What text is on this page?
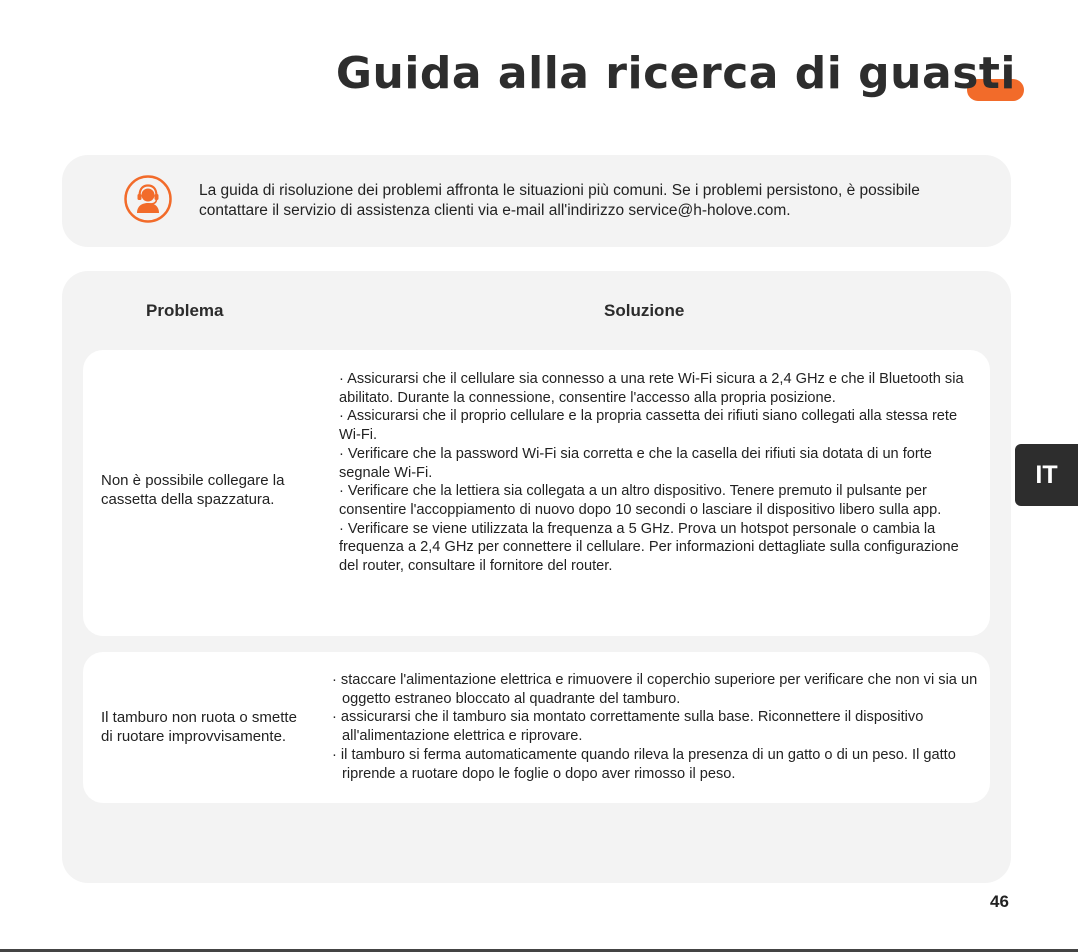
Guida alla ricerca di guasti
La guida di risoluzione dei problemi affronta le situazioni più comuni. Se i problemi persistono, è possibile contattare il servizio di assistenza clienti via e-mail all'indirizzo service@h-holove.com.
Problema	Soluzione
Non è possibile collegare la cassetta della spazzatura.
· Assicurarsi che il cellulare sia connesso a una rete Wi-Fi sicura a 2,4 GHz e che il Bluetooth sia abilitato. Durante la connessione, consentire l'accesso alla propria posizione.
· Assicurarsi che il proprio cellulare e la propria cassetta dei rifiuti siano collegati alla stessa rete Wi-Fi.
· Verificare che la password Wi-Fi sia corretta e che la casella dei rifiuti sia dotata di un forte segnale Wi-Fi.
· Verificare che la lettiera sia collegata a un altro dispositivo. Tenere premuto il pulsante per consentire l'accoppiamento di nuovo dopo 10 secondi o lasciare il dispositivo libero sulla app.
· Verificare se viene utilizzata la frequenza a 5 GHz. Prova un hotspot personale o cambia la frequenza a 2,4 GHz per connettere il cellulare. Per informazioni dettagliate sulla configurazione del router, consultare il fornitore del router.
Il tamburo non ruota o smette di ruotare improvvisamente.
· staccare l'alimentazione elettrica e rimuovere il coperchio superiore per verificare che non vi sia un oggetto estraneo bloccato al quadrante del tamburo.
· assicurarsi che il tamburo sia montato correttamente sulla base. Riconnettere il dispositivo all'alimentazione elettrica e riprovare.
· il tamburo si ferma automaticamente quando rileva la presenza di un gatto o di un peso. Il gatto riprende a ruotare dopo le foglie o dopo aver rimosso il peso.
IT
46
